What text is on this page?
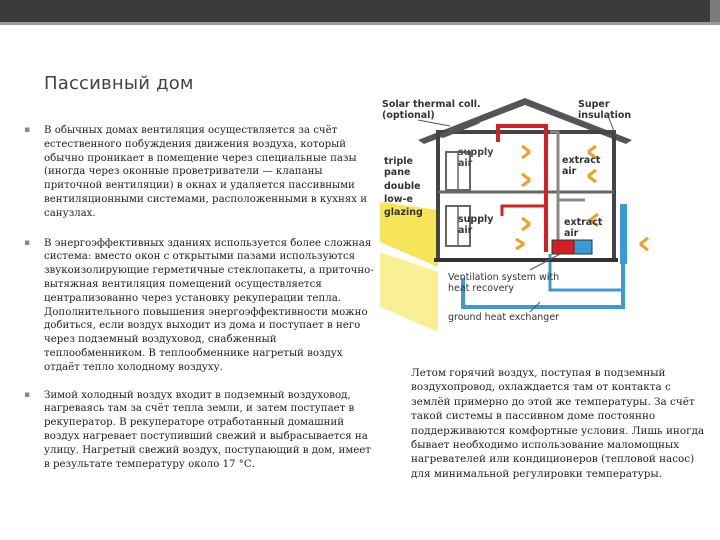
Пассивный дом
▪ В обычных домах вентиляция осуществляется за счёт естественного побуждения движения воздуха, который обычно проникает в помещение через специальные пазы (иногда через оконные проветриватели — клапаны приточной вентиляции) в окнах и удаляется пассивными вентиляционными системами, расположенными в кухнях и санузлах.
▪ В энергоэффективных зданиях используется более сложная система: вместо окон с открытыми пазами используются звукоизолирующие герметичные стеклопакеты, а приточно-вытяжная вентиляция помещений осуществляется централизованно через установку рекуперации тепла. Дополнительного повышения энергоэффективности можно добиться, если воздух выходит из дома и поступает в него через подземный воздуховод, снабженный теплообменником. В теплообменнике нагретый воздух отдаёт тепло холодному воздуху.
▪ Зимой холодный воздух входит в подземный воздуховод, нагреваясь там за счёт тепла земли, и затем поступает в рекуператор. В рекуператоре отработанный домашний воздух нагревает поступивший свежий и выбрасывается на улицу. Нагретый свежий воздух, поступающий в дом, имеет в результате температуру около 17 °С.
Solar thermal coll.
(optional)
Super
insulation
triple
pane
double
low-e
glazing
supply
air	extract
air
supply
air
extract
air
Ventilation system with
heat recovery
ground heat exchanger
Летом горячий воздух, поступая в подземный воздухопровод, охлаждается там от контакта с землёй примерно до этой же температуры. За счёт такой системы в пассивном доме постоянно поддерживаются комфортные условия. Лишь иногда бывает необходимо использование маломощных нагревателей или кондиционеров (тепловой насос) для минимальной регулировки температуры.
